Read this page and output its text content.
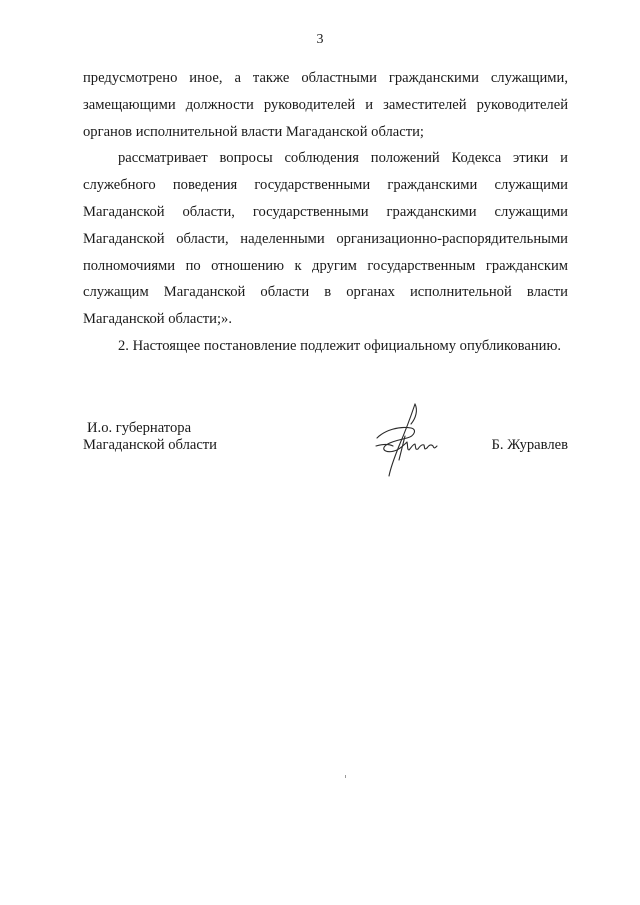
3

предусмотрено иное, а также областными гражданскими служащими, замещающими должности руководителей и заместителей руководителей органов исполнительной власти Магаданской области;

рассматривает вопросы соблюдения положений Кодекса этики и служебного поведения государственными гражданскими служащими Магаданской области, государственными гражданскими служащими Магаданской области, наделенными организационно-распорядительными полномочиями по отношению к другим государственным гражданским служащим Магаданской области в органах исполнительной власти Магаданской области;».

2. Настоящее постановление подлежит официальному опубликованию.

И.о. губернатора
Магаданской области	Б. Журавлев
